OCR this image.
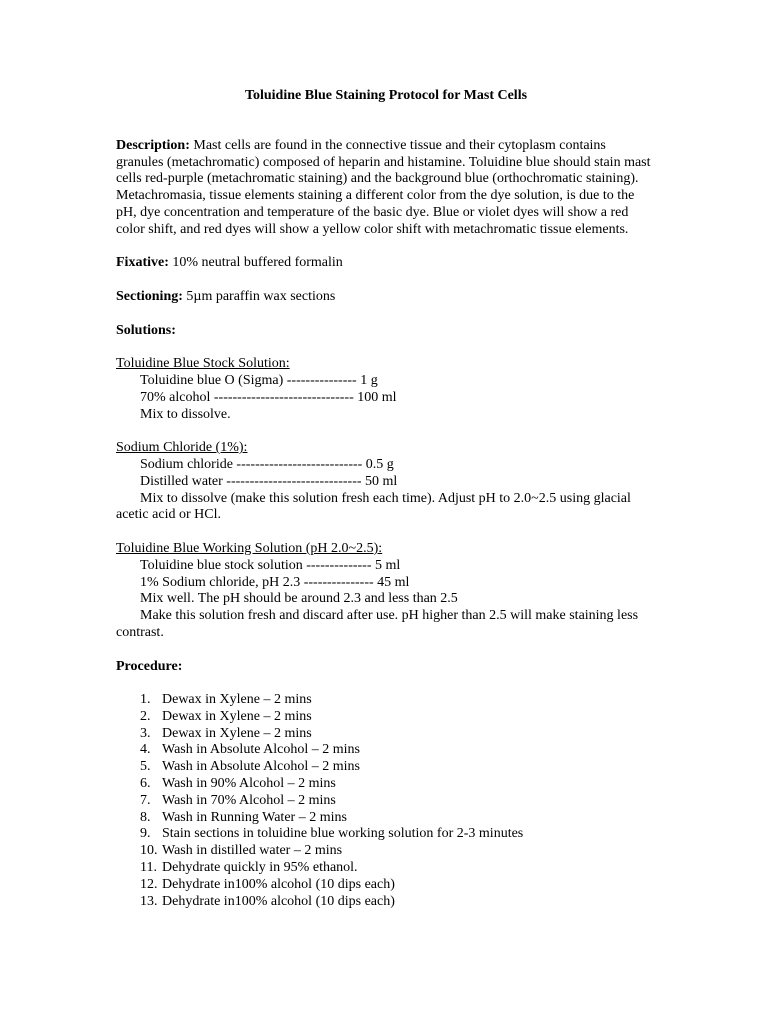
Toluidine Blue Staining Protocol for Mast Cells

Description: Mast cells are found in the connective tissue and their cytoplasm contains granules (metachromatic) composed of heparin and histamine. Toluidine blue should stain mast cells red-purple (metachromatic staining) and the background blue (orthochromatic staining). Metachromasia, tissue elements staining a different color from the dye solution, is due to the pH, dye concentration and temperature of the basic dye. Blue or violet dyes will show a red color shift, and red dyes will show a yellow color shift with metachromatic tissue elements.

Fixative: 10% neutral buffered formalin

Sectioning: 5µm paraffin wax sections

Solutions:

Toluidine Blue Stock Solution:

Toluidine blue O (Sigma) --------------- 1 g

70% alcohol ------------------------------ 100 ml

Mix to dissolve.

Sodium Chloride (1%):

Sodium chloride --------------------------- 0.5 g

Distilled water ----------------------------- 50 ml

Mix to dissolve (make this solution fresh each time). Adjust pH to 2.0~2.5 using glacial acetic acid or HCl.

Toluidine Blue Working Solution (pH 2.0~2.5):

Toluidine blue stock solution -------------- 5 ml

1% Sodium chloride, pH 2.3 --------------- 45 ml

Mix well. The pH should be around 2.3 and less than 2.5

Make this solution fresh and discard after use. pH higher than 2.5 will make staining less contrast.

Procedure:

1. Dewax in Xylene – 2 mins
2. Dewax in Xylene – 2 mins
3. Dewax in Xylene – 2 mins
4. Wash in Absolute Alcohol – 2 mins
5. Wash in Absolute Alcohol – 2 mins
6. Wash in 90% Alcohol – 2 mins
7. Wash in 70% Alcohol – 2 mins
8. Wash in Running Water – 2 mins
9. Stain sections in toluidine blue working solution for 2-3 minutes
10. Wash in distilled water – 2 mins
11. Dehydrate quickly in 95% ethanol.
12. Dehydrate in100% alcohol (10 dips each)
13. Dehydrate in100% alcohol (10 dips each)
